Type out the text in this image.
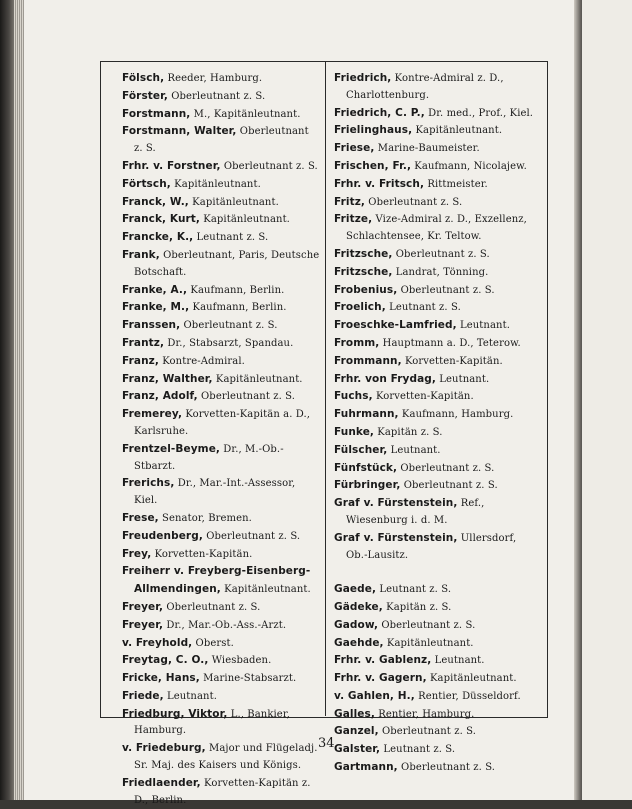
Fölsch, Reeder, Hamburg.
Förster, Oberleutnant z. S.
Forstmann, M., Kapitänleutnant.
Forstmann, Walter, Oberleutnant z. S.
Frhr. v. Forstner, Oberleutnant z. S.
Förtsch, Kapitänleutnant.
Franck, W., Kapitänleutnant.
Franck, Kurt, Kapitänleutnant.
Francke, K., Leutnant z. S.
Frank, Oberleutnant, Paris, Deutsche Botschaft.
Franke, A., Kaufmann, Berlin.
Franke, M., Kaufmann, Berlin.
Franssen, Oberleutnant z. S.
Frantz, Dr., Stabsarzt, Spandau.
Franz, Kontre-Admiral.
Franz, Walther, Kapitänleutnant.
Franz, Adolf, Oberleutnant z. S.
Fremerey, Korvetten-Kapitän a. D., Karlsruhe.
Frentzel-Beyme, Dr., M.-Ob.-Stbarzt.
Frerichs, Dr., Mar.-Int.-Assessor, Kiel.
Frese, Senator, Bremen.
Freudenberg, Oberleutnant z. S.
Frey, Korvetten-Kapitän.
Freiherr v. Freyberg-Eisenberg-Allmendingen, Kapitänleutnant.
Freyer, Oberleutnant z. S.
Freyer, Dr., Mar.-Ob.-Ass.-Arzt.
v. Freyhold, Oberst.
Freytag, C. O., Wiesbaden.
Fricke, Hans, Marine-Stabsarzt.
Friede, Leutnant.
Friedburg, Viktor, L., Bankier, Hamburg.
v. Friedeburg, Major und Flügeladj. Sr. Maj. des Kaisers und Königs.
Friedlaender, Korvetten-Kapitän z. D., Berlin.
Friedrich, Kontre-Admiral z. D., Charlottenburg.
Friedrich, C. P., Dr. med., Prof., Kiel.
Frielinghaus, Kapitänleutnant.
Friese, Marine-Baumeister.
Frischen, Fr., Kaufmann, Nicolajew.
Frhr. v. Fritsch, Rittmeister.
Fritz, Oberleutnant z. S.
Fritze, Vize-Admiral z. D., Exzellenz, Schlachtensee, Kr. Teltow.
Fritzsche, Oberleutnant z. S.
Fritzsche, Landrat, Tönning.
Frobenius, Oberleutnant z. S.
Froelich, Leutnant z. S.
Froeschke-Lamfried, Leutnant.
Fromm, Hauptmann a. D., Teterow.
Frommann, Korvetten-Kapitän.
Frhr. von Frydag, Leutnant.
Fuchs, Korvetten-Kapitän.
Fuhrmann, Kaufmann, Hamburg.
Funke, Kapitän z. S.
Fülscher, Leutnant.
Fünfstück, Oberleutnant z. S.
Fürbringer, Oberleutnant z. S.
Graf v. Fürstenstein, Ref., Wiesenburg i. d. M.
Graf v. Fürstenstein, Ullersdorf, Ob.-Lausitz.
Gaede, Leutnant z. S.
Gädeke, Kapitän z. S.
Gadow, Oberleutnant z. S.
Gaehde, Kapitänleutnant.
Frhr. v. Gablenz, Leutnant.
Frhr. v. Gagern, Kapitänleutnant.
v. Gahlen, H., Rentier, Düsseldorf.
Galles, Rentier, Hamburg.
Ganzel, Oberleutnant z. S.
Galster, Leutnant z. S.
Gartmann, Oberleutnant z. S.
34
